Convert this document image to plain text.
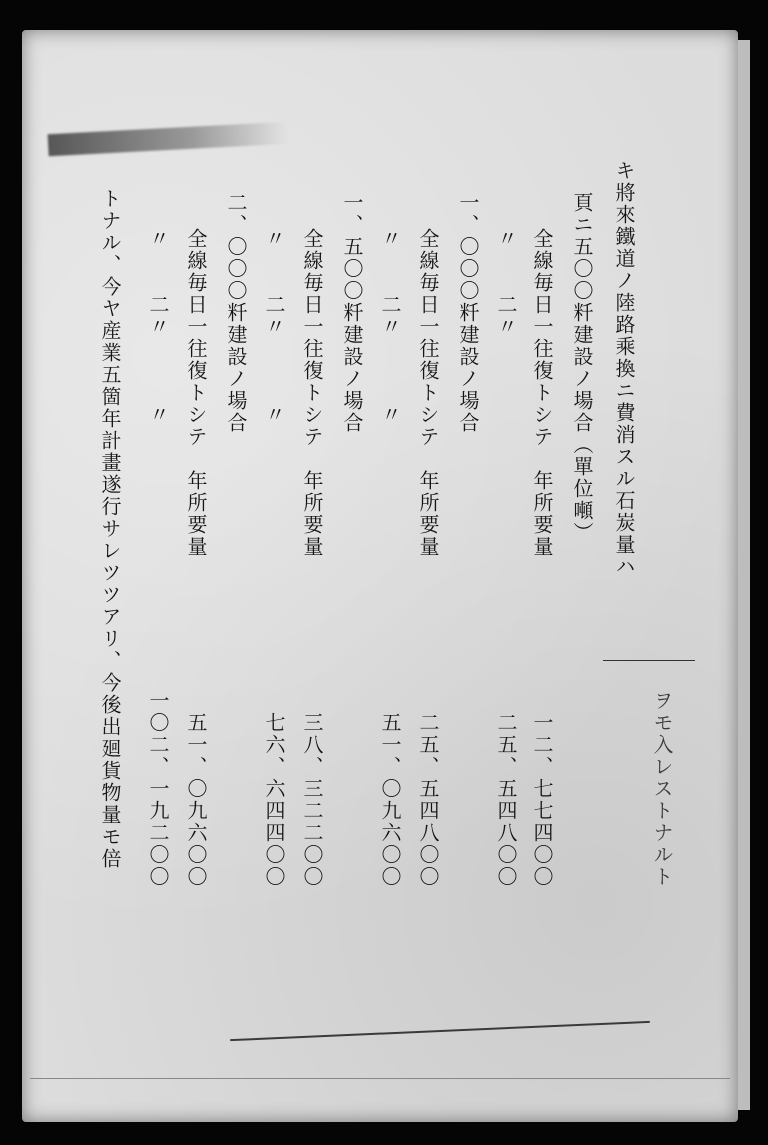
キ將來鐵道ノ陸路乘換ニ費消スル石炭量ハ
ヲモ入レストナルト
頁ニ五〇〇粁建設ノ場合（單位噸）
全線毎日一往復トシテ　年所要量
一二、七七四〇〇
〃　　二〃
二五、五四八〇〇
一、〇〇〇粁建設ノ場合
全線毎日一往復トシテ　年所要量
二五、五四八〇〇
〃　　二〃　　　〃
五一、〇九六〇〇
一、五〇〇粁建設ノ場合
全線毎日一往復トシテ　年所要量
三八、三二二〇〇
〃　　二〃　　　〃
七六、六四四〇〇
二、〇〇〇粁建設ノ場合
全線毎日一往復トシテ　年所要量
五一、〇九六〇〇
〃　　二〃　　　〃
一〇二、一九二〇〇
トナル、今ヤ産業五箇年計畫遂行サレツツアリ、今後出廻貨物量モ倍
